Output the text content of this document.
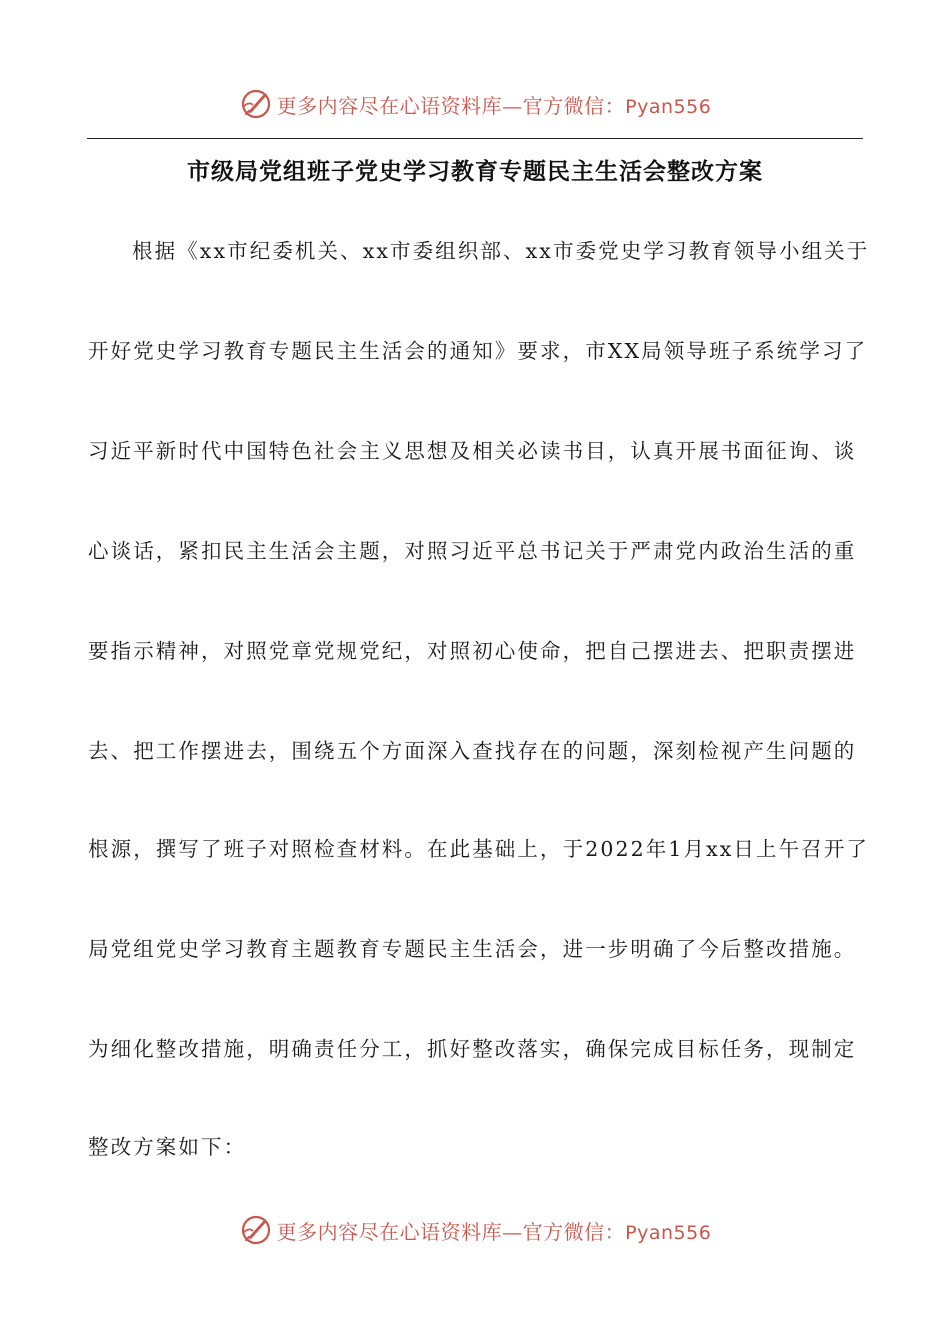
更多内容尽在心语资料库—官方微信：Pyan556
市级局党组班子党史学习教育专题民主生活会整改方案
根据《xx市纪委机关、xx市委组织部、xx市委党史学习教育领导小组关于
开好党史学习教育专题民主生活会的通知》要求，市XX局领导班子系统学习了
习近平新时代中国特色社会主义思想及相关必读书目，认真开展书面征询、谈
心谈话，紧扣民主生活会主题，对照习近平总书记关于严肃党内政治生活的重
要指示精神，对照党章党规党纪，对照初心使命，把自己摆进去、把职责摆进
去、把工作摆进去，围绕五个方面深入查找存在的问题，深刻检视产生问题的
根源，撰写了班子对照检查材料。在此基础上，于2022年1月xx日上午召开了
局党组党史学习教育主题教育专题民主生活会，进一步明确了今后整改措施。
为细化整改措施，明确责任分工，抓好整改落实，确保完成目标任务，现制定
整改方案如下：
更多内容尽在心语资料库—官方微信：Pyan556
